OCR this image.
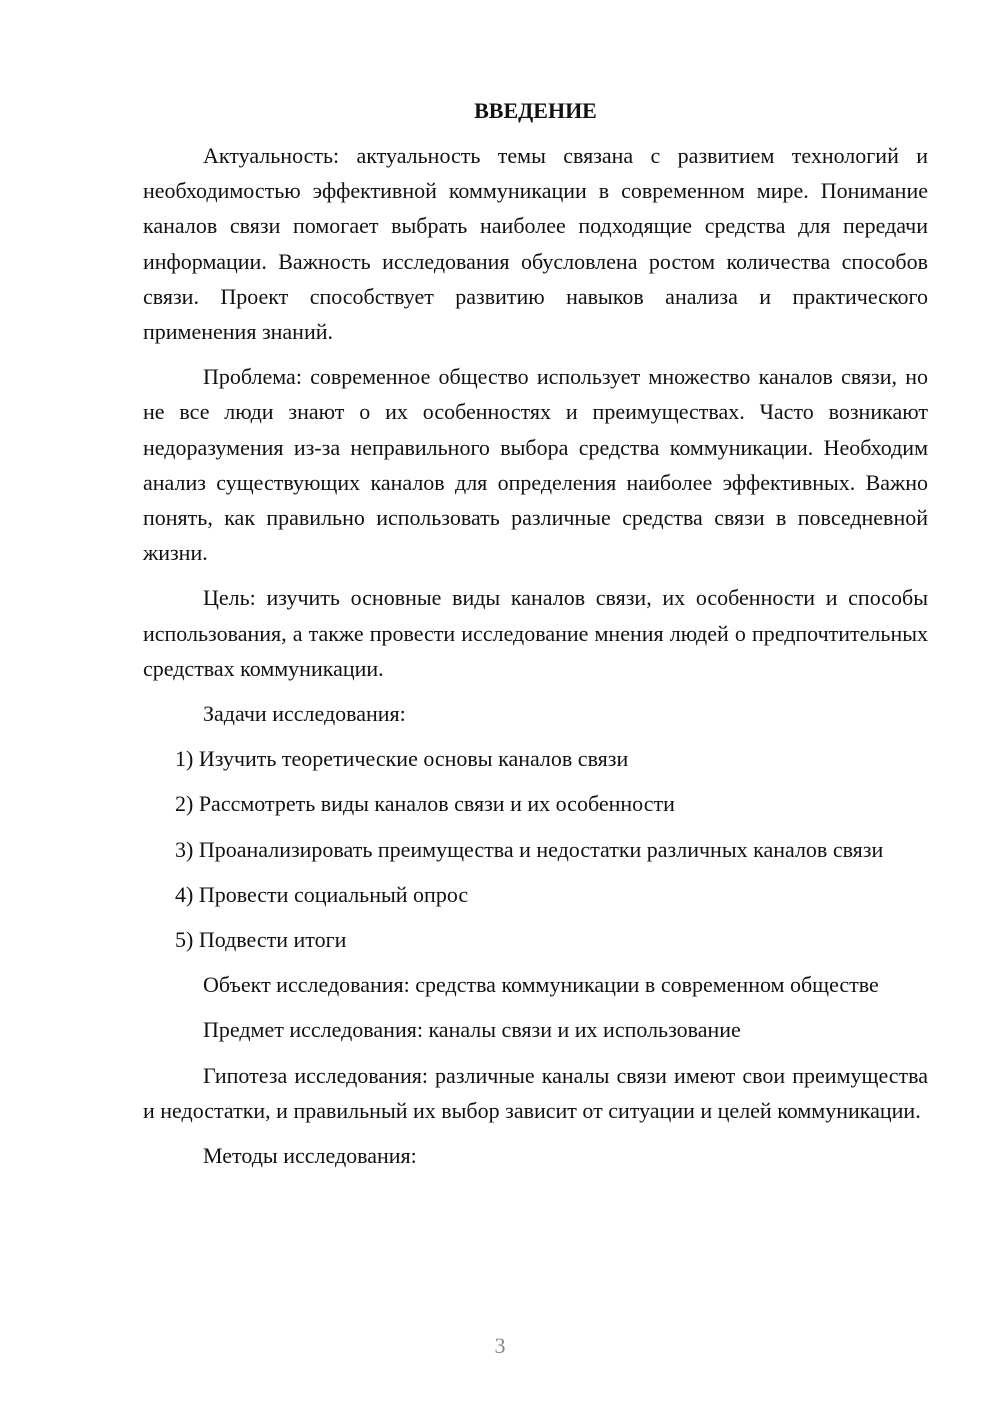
ВВЕДЕНИЕ

Актуальность: актуальность темы связана с развитием технологий и необходимостью эффективной коммуникации в современном мире. Понимание каналов связи помогает выбрать наиболее подходящие средства для передачи информации. Важность исследования обусловлена ростом количества способов связи. Проект способствует развитию навыков анализа и практического применения знаний.

Проблема: современное общество использует множество каналов связи, но не все люди знают о их особенностях и преимуществах. Часто возникают недоразумения из-за неправильного выбора средства коммуникации. Необходим анализ существующих каналов для определения наиболее эффективных. Важно понять, как правильно использовать различные средства связи в повседневной жизни.

Цель: изучить основные виды каналов связи, их особенности и способы использования, а также провести исследование мнения людей о предпочтительных средствах коммуникации.

Задачи исследования:

1) Изучить теоретические основы каналов связи

2) Рассмотреть виды каналов связи и их особенности

3) Проанализировать преимущества и недостатки различных каналов связи

4) Провести социальный опрос

5) Подвести итоги

Объект исследования: средства коммуникации в современном обществе

Предмет исследования: каналы связи и их использование

Гипотеза исследования: различные каналы связи имеют свои преимущества и недостатки, и правильный их выбор зависит от ситуации и целей коммуникации.

Методы исследования:

3
